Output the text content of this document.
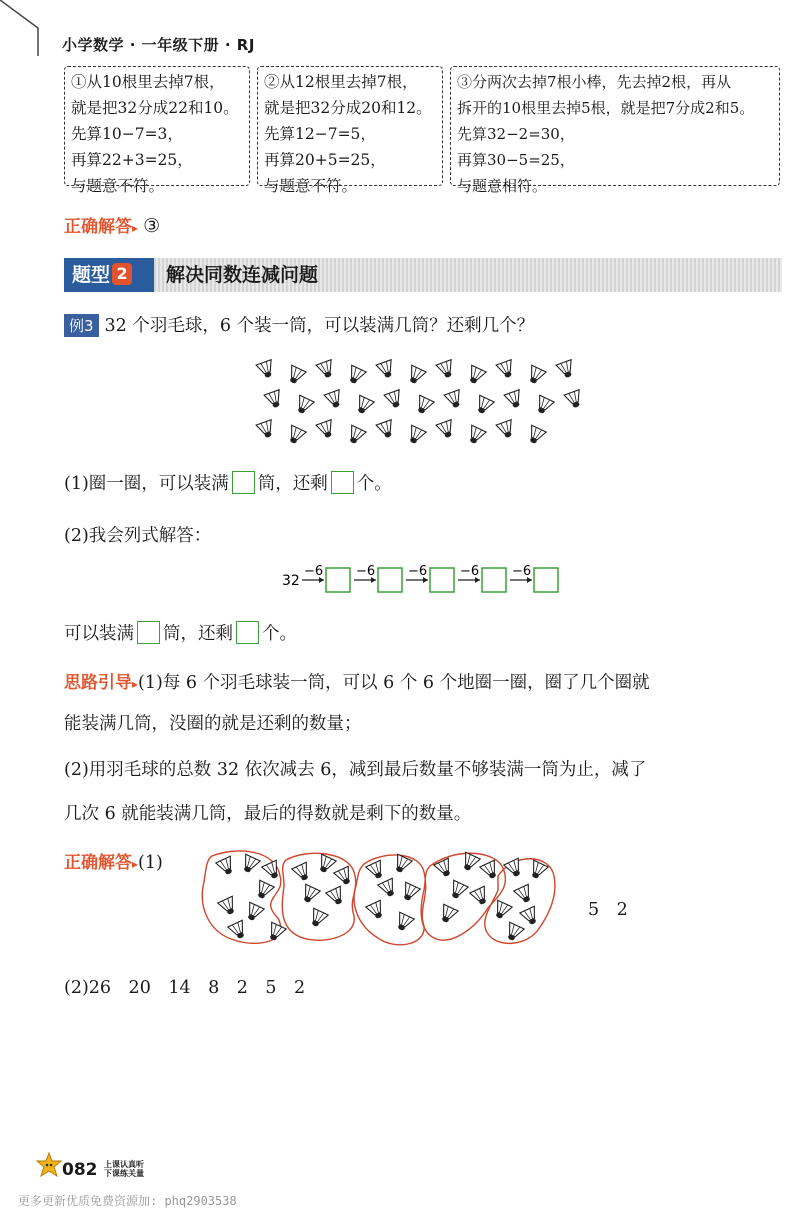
小学数学 · 一年级下册 · RJ
①从10根里去掉7根，
就是把32分成22和10。
先算10−7=3，
再算22+3=25，
与题意不符。
②从12根里去掉7根，
就是把32分成20和12。
先算12−7=5，
再算20+5=25，
与题意不符。
③分两次去掉7根小棒，先去掉2根，再从
拆开的10根里去掉5根，就是把7分成2和5。
先算32−2=30，
再算30−5=25，
与题意相符。
正确解答▸ ③
题型 2	解决同数连减问题
例3 32 个羽毛球，6 个装一筒，可以装满几筒？还剩几个？
(1)圈一圈，可以装满 筒，还剩 个。
(2)我会列式解答：
32
−6	−6	−6	−6	−6
可以装满 筒，还剩 个。
思路引导▸(1)每 6 个羽毛球装一筒，可以 6 个 6 个地圈一圈，圈了几个圈就
能装满几筒，没圈的就是还剩的数量；
(2)用羽毛球的总数 32 依次减去 6，减到最后数量不够装满一筒为止，减了
几次 6 就能装满几筒，最后的得数就是剩下的数量。
正确解答▸(1)
5　2
(2)26　20　14　8　2　5　2
082 上课认真听
下课练关量
更多更新优质免费资源加: phq2903538
